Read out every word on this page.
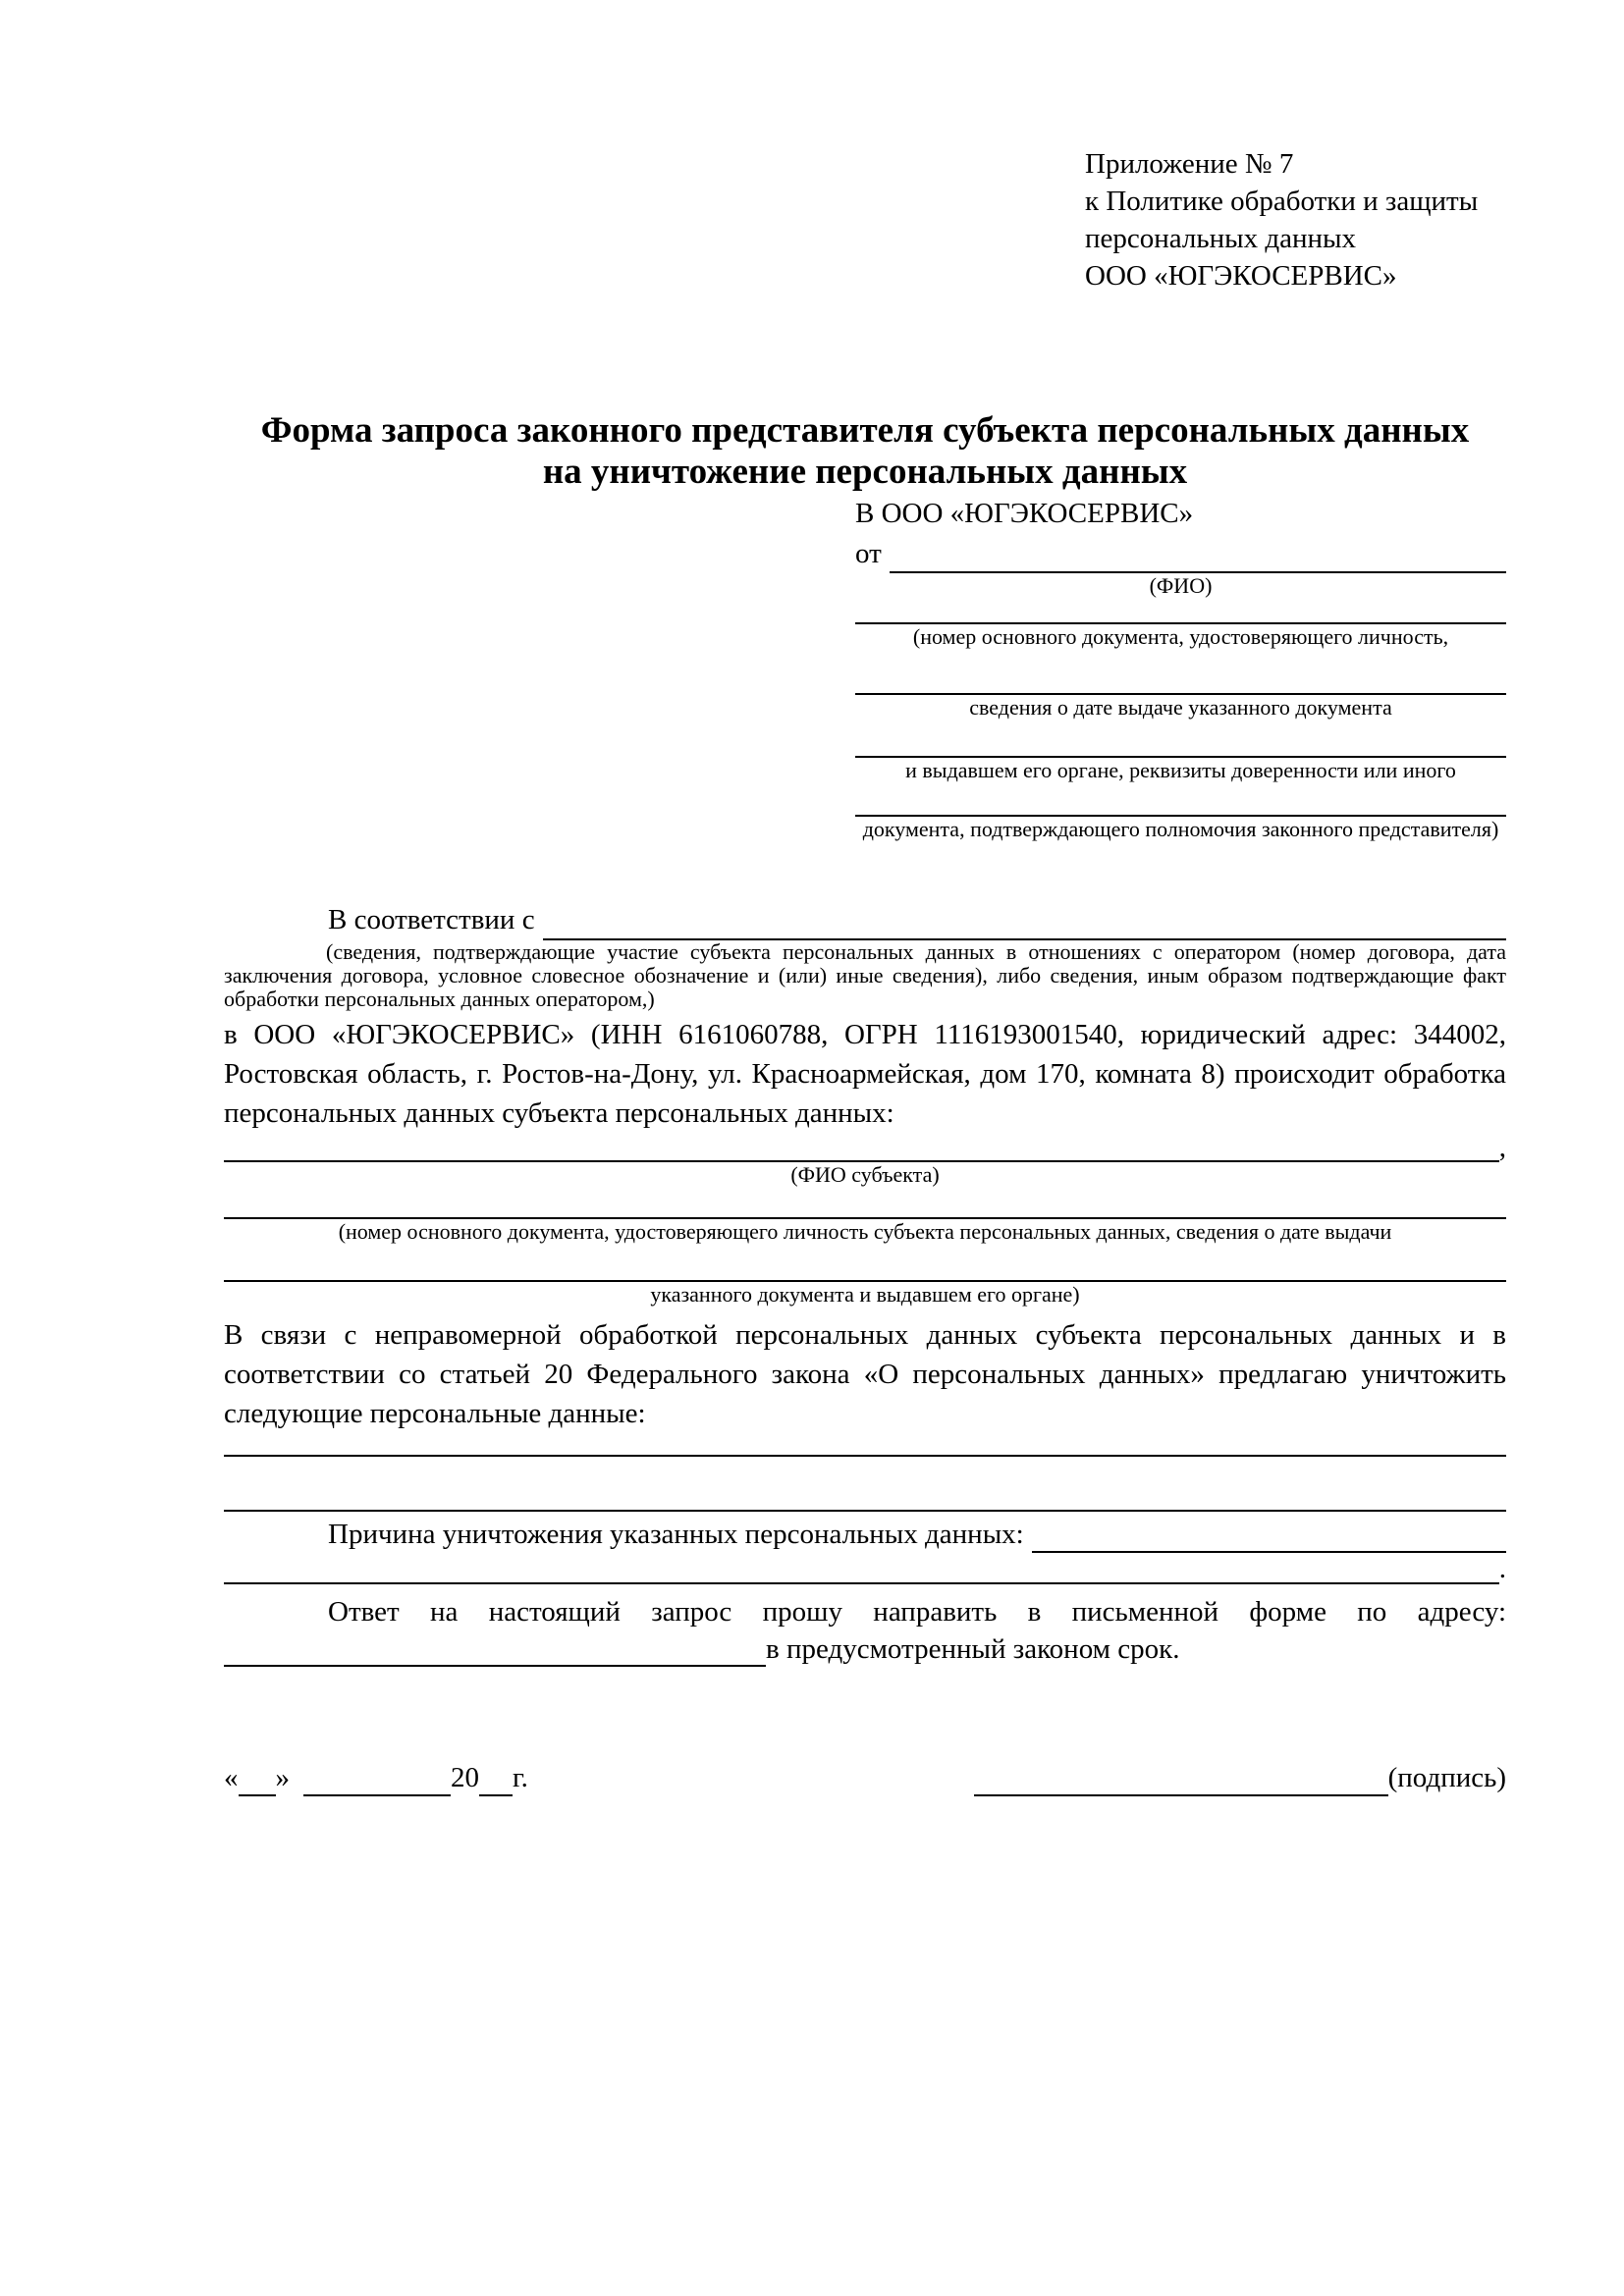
Приложение № 7
к Политике обработки и защиты
персональных данных
ООО «ЮГЭКОСЕРВИС»
Форма запроса законного представителя субъекта персональных данных
на уничтожение персональных данных
В ООО «ЮГЭКОСЕРВИС»
от
(ФИО)
(номер основного документа, удостоверяющего личность,
сведения о дате выдаче указанного документа
и выдавшем его органе, реквизиты доверенности или иного
документа, подтверждающего полномочия законного представителя)
В соответствии с
(сведения, подтверждающие участие субъекта персональных данных в отношениях с оператором (номер договора, дата заключения договора, условное словесное обозначение и (или) иные сведения), либо сведения, иным образом подтверждающие факт обработки персональных данных оператором,)

в ООО «ЮГЭКОСЕРВИС» (ИНН 6161060788, ОГРН 1116193001540, юридический адрес: 344002, Ростовская область, г. Ростов-на-Дону, ул. Красноармейская, дом 170, комната 8) происходит обработка персональных данных субъекта персональных данных:

,
(ФИО субъекта)
(номер основного документа, удостоверяющего личность субъекта персональных данных, сведения о дате выдачи
указанного документа и выдавшем его органе)

В связи с неправомерной обработкой персональных данных субъекта персональных данных и в соответствии со статьей 20 Федерального закона «О персональных данных» предлагаю уничтожить следующие персональные данные:

Причина уничтожения указанных персональных данных:
.

Ответ на настоящий запрос прошу направить в письменной форме по адресу:

в предусмотренный законом срок.
« »	20 г.	(подпись)
